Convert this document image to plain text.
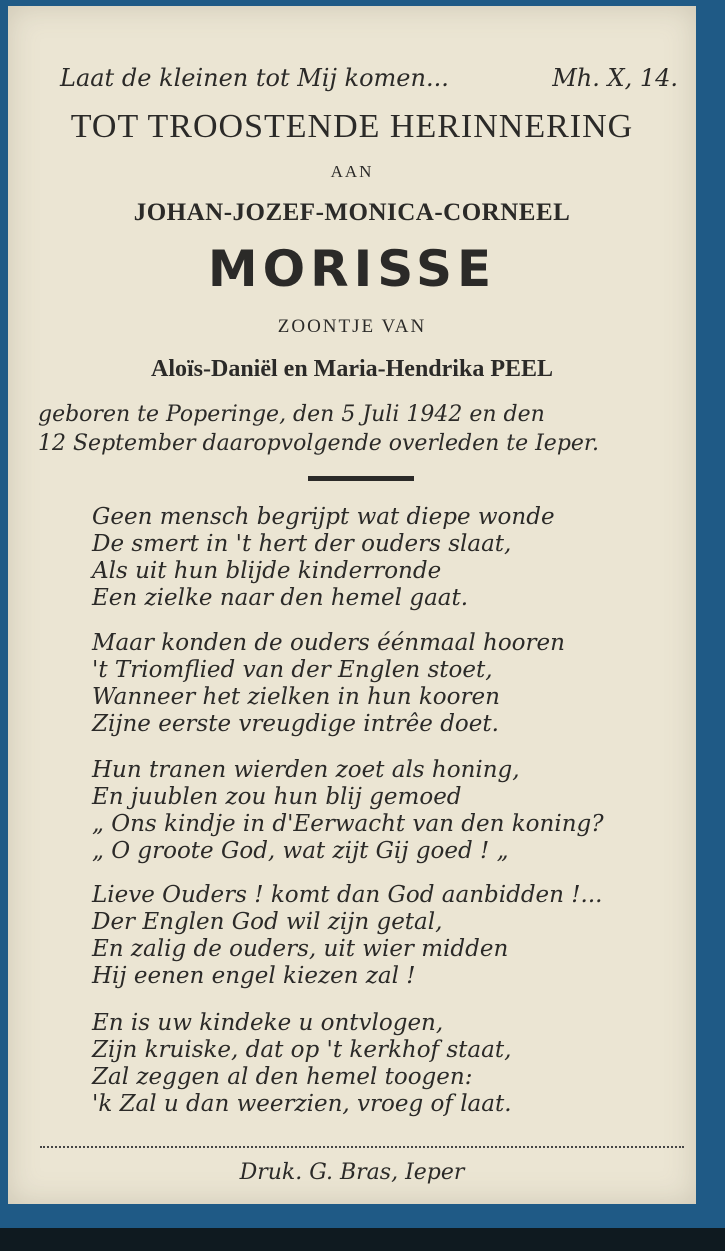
Laat de kleinen tot Mij komen...	Mh. X, 14.
TOT TROOSTENDE HERINNERING
AAN
JOHAN-JOZEF-MONICA-CORNEEL
MORISSE
ZOONTJE VAN
Aloïs-Daniël en Maria-Hendrika PEEL
geboren te Poperinge, den 5 Juli 1942 en den
12 September daaropvolgende overleden te Ieper.
Geen mensch begrijpt wat diepe wonde
De smert in 't hert der ouders slaat,
Als uit hun blijde kinderronde
Een zielke naar den hemel gaat.
Maar konden de ouders éénmaal hooren
't Triomflied van der Englen stoet,
Wanneer het zielken in hun kooren
Zijne eerste vreugdige intrêe doet.
Hun tranen wierden zoet als honing,
En juublen zou hun blij gemoed
„ Ons kindje in d'Eerwacht van den koning?
„ O groote God, wat zijt Gij goed ! „
Lieve Ouders ! komt dan God aanbidden !...
Der Englen God wil zijn getal,
En zalig de ouders, uit wier midden
Hij eenen engel kiezen zal !
En is uw kindeke u ontvlogen,
Zijn kruiske, dat op 't kerkhof staat,
Zal zeggen al den hemel toogen:
'k Zal u dan weerzien, vroeg of laat.
Druk. G. Bras, Ieper
